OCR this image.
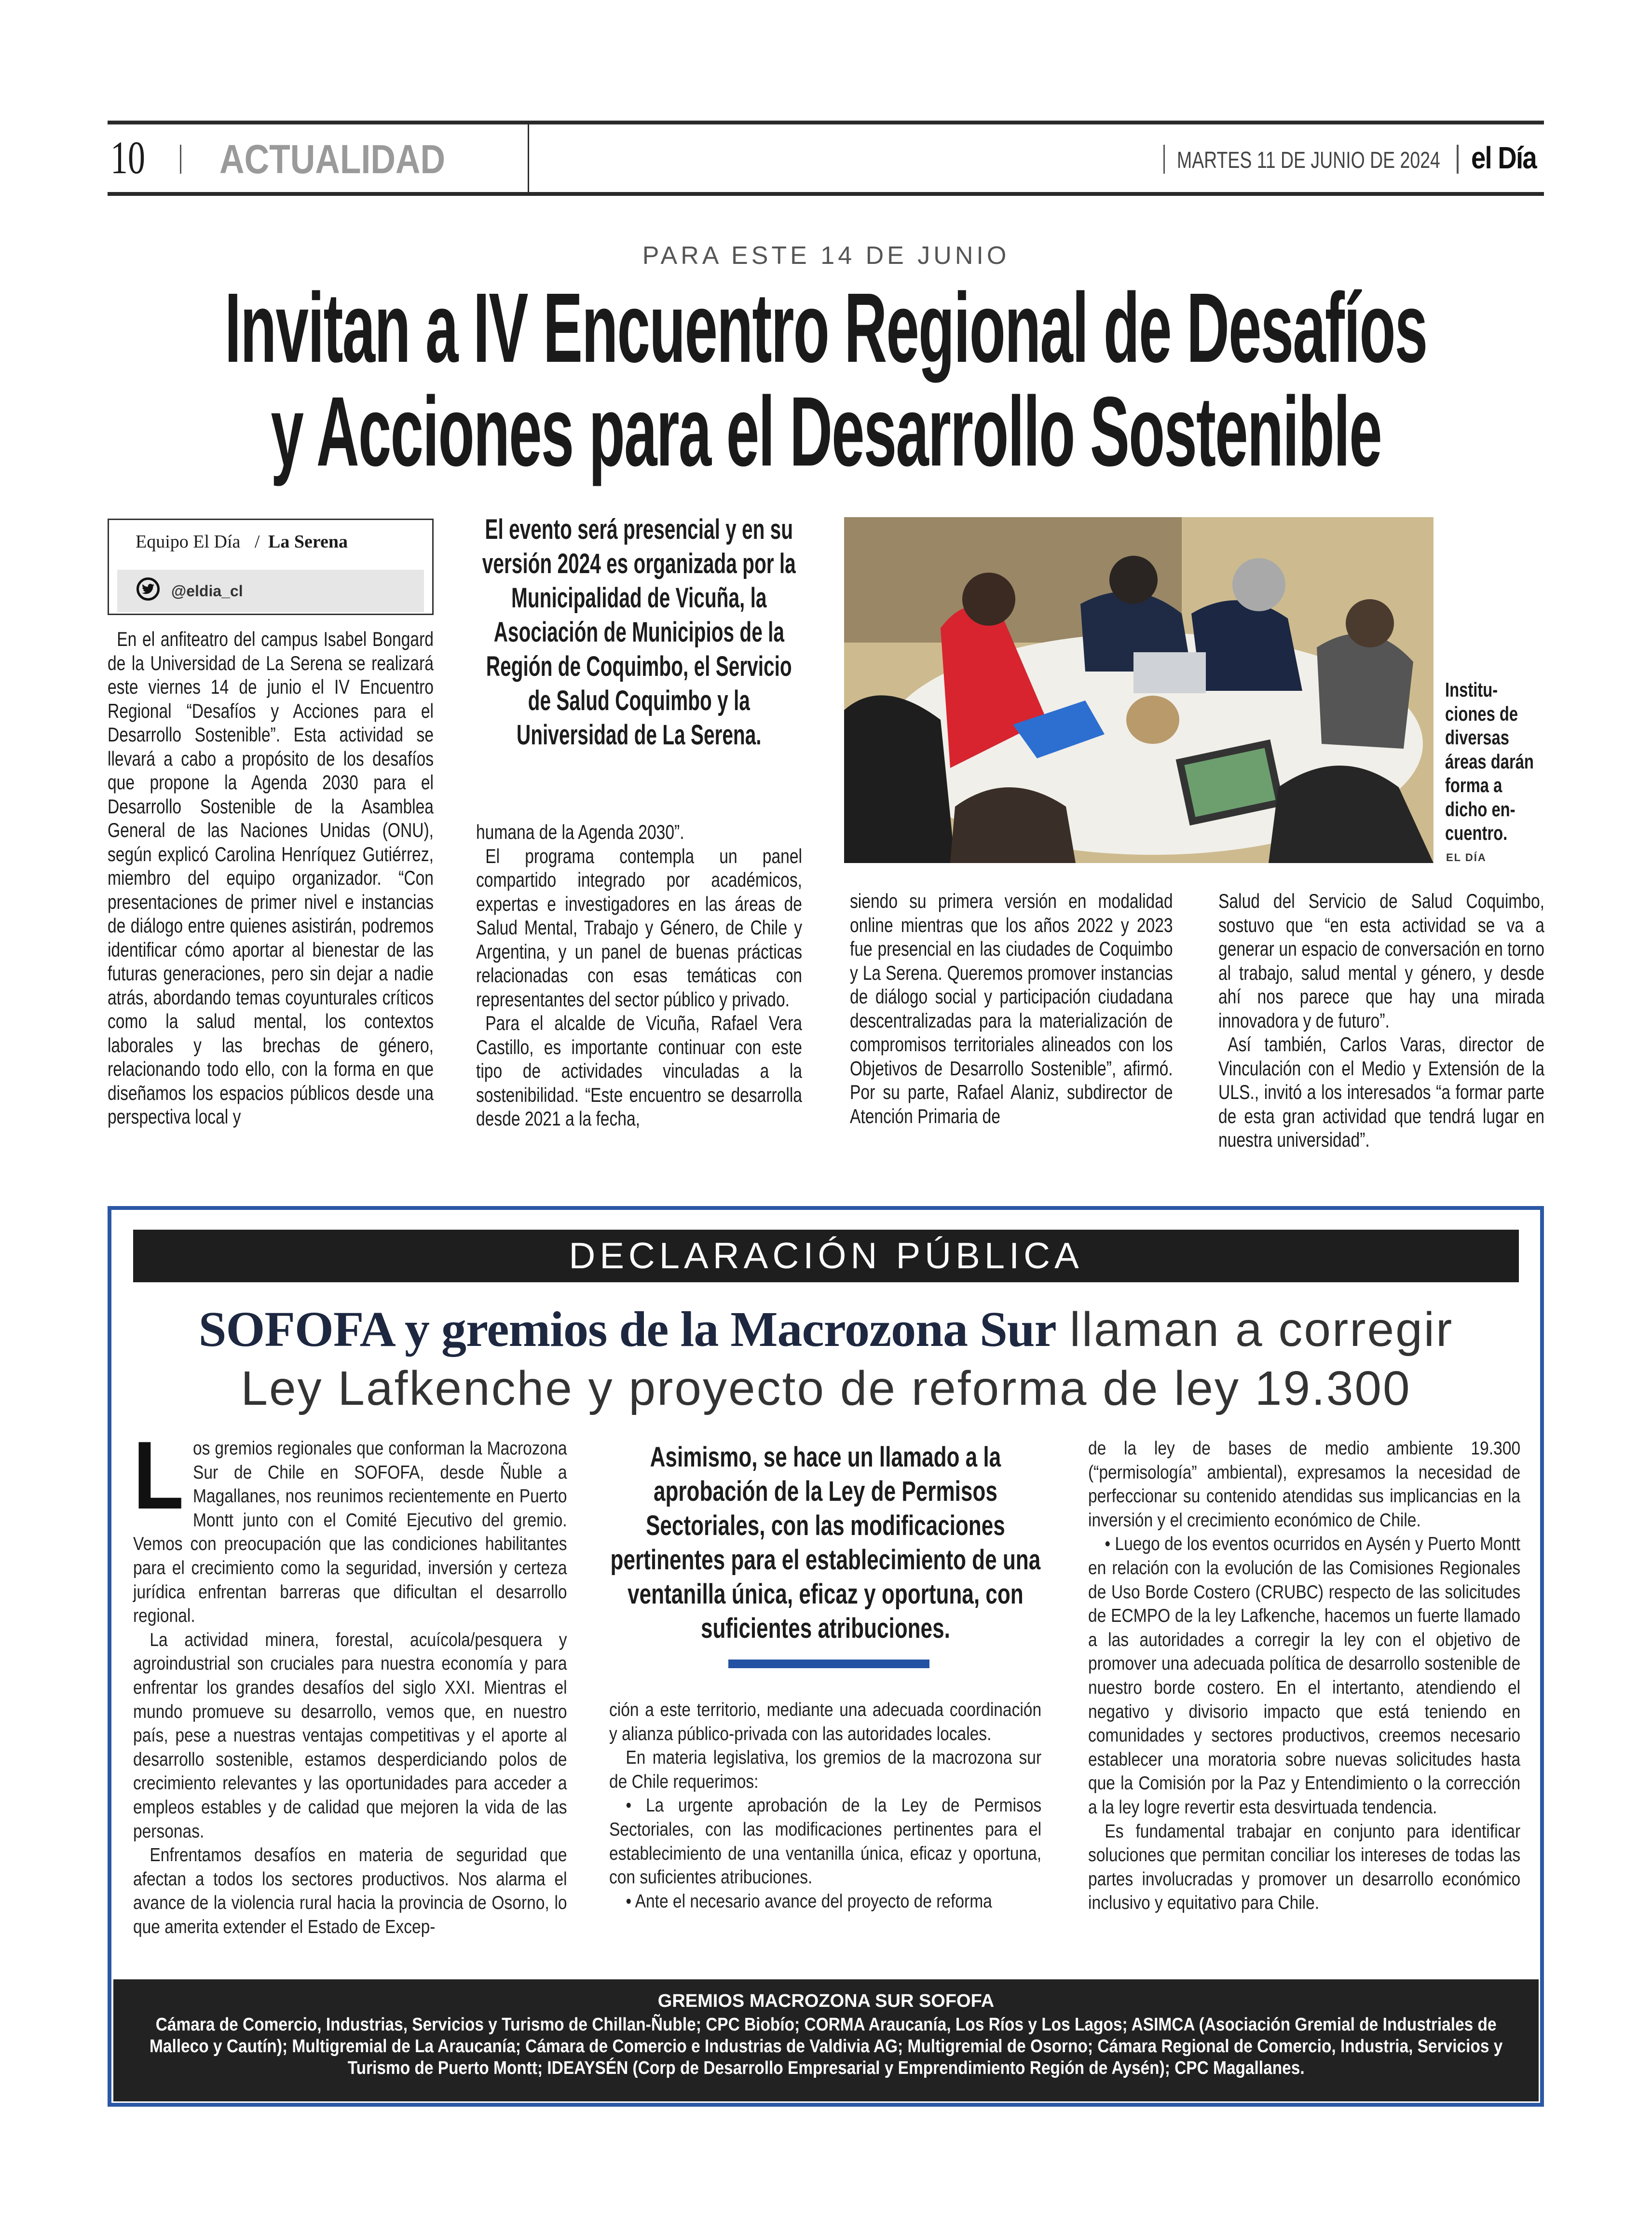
10 ACTUALIDAD	MARTES 11 DE JUNIO DE 2024 el Día
PARA ESTE 14 DE JUNIO
Invitan a IV Encuentro Regional de Desafíos
y Acciones para el Desarrollo Sostenible
Equipo El Día / La Serena
@eldia_cl

En el anfiteatro del campus Isabel Bongard de la Universidad de La Serena se realizará este viernes 14 de junio el IV Encuentro Regional “Desafíos y Acciones para el Desarrollo Sostenible”. Esta actividad se llevará a cabo a propósito de los desafíos que propone la Agenda 2030 para el Desarrollo Sostenible de la Asamblea General de las Naciones Unidas (ONU), según explicó Carolina Henríquez Gutiérrez, miembro del equipo organizador. “Con presentaciones de primer nivel e instancias de diálogo entre quienes asistirán, podremos identificar cómo aportar al bienestar de las futuras generaciones, pero sin dejar a nadie atrás, abordando temas coyunturales críticos como la salud mental, los contextos laborales y las brechas de género, relacionando todo ello, con la forma en que diseñamos los espacios públicos desde una perspectiva local y

El evento será presencial y en su versión 2024 es organizada por la Municipalidad de Vicuña, la Asociación de Municipios de la Región de Coquimbo, el Servicio de Salud Coquimbo y la Universidad de La Serena.

humana de la Agenda 2030”.

El programa contempla un panel compartido integrado por académicos, expertas e investigadores en las áreas de Salud Mental, Trabajo y Género, de Chile y Argentina, y un panel de buenas prácticas relacionadas con esas temáticas con representantes del sector público y privado.

Para el alcalde de Vicuña, Rafael Vera Castillo, es importante continuar con este tipo de actividades vinculadas a la sostenibilidad. “Este encuentro se desarrolla desde 2021 a la fecha,

Institu-
ciones de
diversas
áreas darán
forma a
dicho en-
cuentro.
EL DÍA

siendo su primera versión en modalidad online mientras que los años 2022 y 2023 fue presencial en las ciudades de Coquimbo y La Serena. Queremos promover instancias de diálogo social y participación ciudadana descentralizadas para la materialización de compromisos territoriales alineados con los Objetivos de Desarrollo Sostenible”, afirmó. Por su parte, Rafael Alaniz, subdirector de Atención Primaria de

Salud del Servicio de Salud Coquimbo, sostuvo que “en esta actividad se va a generar un espacio de conversación en torno al trabajo, salud mental y género, y desde ahí nos parece que hay una mirada innovadora y de futuro”.

Así también, Carlos Varas, director de Vinculación con el Medio y Extensión de la ULS., invitó a los interesados “a formar parte de esta gran actividad que tendrá lugar en nuestra universidad”.

DECLARACIÓN PÚBLICA
SOFOFA y gremios de la Macrozona Sur llaman a corregir
Ley Lafkenche y proyecto de reforma de ley 19.300

Los gremios regionales que conforman la Macrozona Sur de Chile en SOFOFA, desde Ñuble a Magallanes, nos reunimos recientemente en Puerto Montt junto con el Comité Ejecutivo del gremio. Vemos con preocupación que las condiciones habilitantes para el crecimiento como la seguridad, inversión y certeza jurídica enfrentan barreras que dificultan el desarrollo regional.

La actividad minera, forestal, acuícola/pesquera y agroindustrial son cruciales para nuestra economía y para enfrentar los grandes desafíos del siglo XXI. Mientras el mundo promueve su desarrollo, vemos que, en nuestro país, pese a nuestras ventajas competitivas y el aporte al desarrollo sostenible, estamos desperdiciando polos de crecimiento relevantes y las oportunidades para acceder a empleos estables y de calidad que mejoren la vida de las personas.

Enfrentamos desafíos en materia de seguridad que afectan a todos los sectores productivos. Nos alarma el avance de la violencia rural hacia la provincia de Osorno, lo que amerita extender el Estado de Excep-

Asimismo, se hace un llamado a la aprobación de la Ley de Permisos Sectoriales, con las modificaciones pertinentes para el establecimiento de una ventanilla única, eficaz y oportuna, con suficientes atribuciones.

ción a este territorio, mediante una adecuada coordinación y alianza público-privada con las autoridades locales.

En materia legislativa, los gremios de la macrozona sur de Chile requerimos:

• La urgente aprobación de la Ley de Permisos Sectoriales, con las modificaciones pertinentes para el establecimiento de una ventanilla única, eficaz y oportuna, con suficientes atribuciones.

• Ante el necesario avance del proyecto de reforma

de la ley de bases de medio ambiente 19.300 (“permisología” ambiental), expresamos la necesidad de perfeccionar su contenido atendidas sus implicancias en la inversión y el crecimiento económico de Chile.

• Luego de los eventos ocurridos en Aysén y Puerto Montt en relación con la evolución de las Comisiones Regionales de Uso Borde Costero (CRUBC) respecto de las solicitudes de ECMPO de la ley Lafkenche, hacemos un fuerte llamado a las autoridades a corregir la ley con el objetivo de promover una adecuada política de desarrollo sostenible de nuestro borde costero. En el intertanto, atendiendo el negativo y divisorio impacto que está teniendo en comunidades y sectores productivos, creemos necesario establecer una moratoria sobre nuevas solicitudes hasta que la Comisión por la Paz y Entendimiento o la corrección a la ley logre revertir esta desvirtuada tendencia.

Es fundamental trabajar en conjunto para identificar soluciones que permitan conciliar los intereses de todas las partes involucradas y promover un desarrollo económico inclusivo y equitativo para Chile.

GREMIOS MACROZONA SUR SOFOFA
Cámara de Comercio, Industrias, Servicios y Turismo de Chillan-Ñuble; CPC Biobío; CORMA Araucanía, Los Ríos y Los Lagos; ASIMCA (Asociación Gremial de Industriales de Malleco y Cautín); Multigremial de La Araucanía; Cámara de Comercio e Industrias de Valdivia AG; Multigremial de Osorno; Cámara Regional de Comercio, Industria, Servicios y Turismo de Puerto Montt; IDEAYSÉN (Corp de Desarrollo Empresarial y Emprendimiento Región de Aysén); CPC Magallanes.
